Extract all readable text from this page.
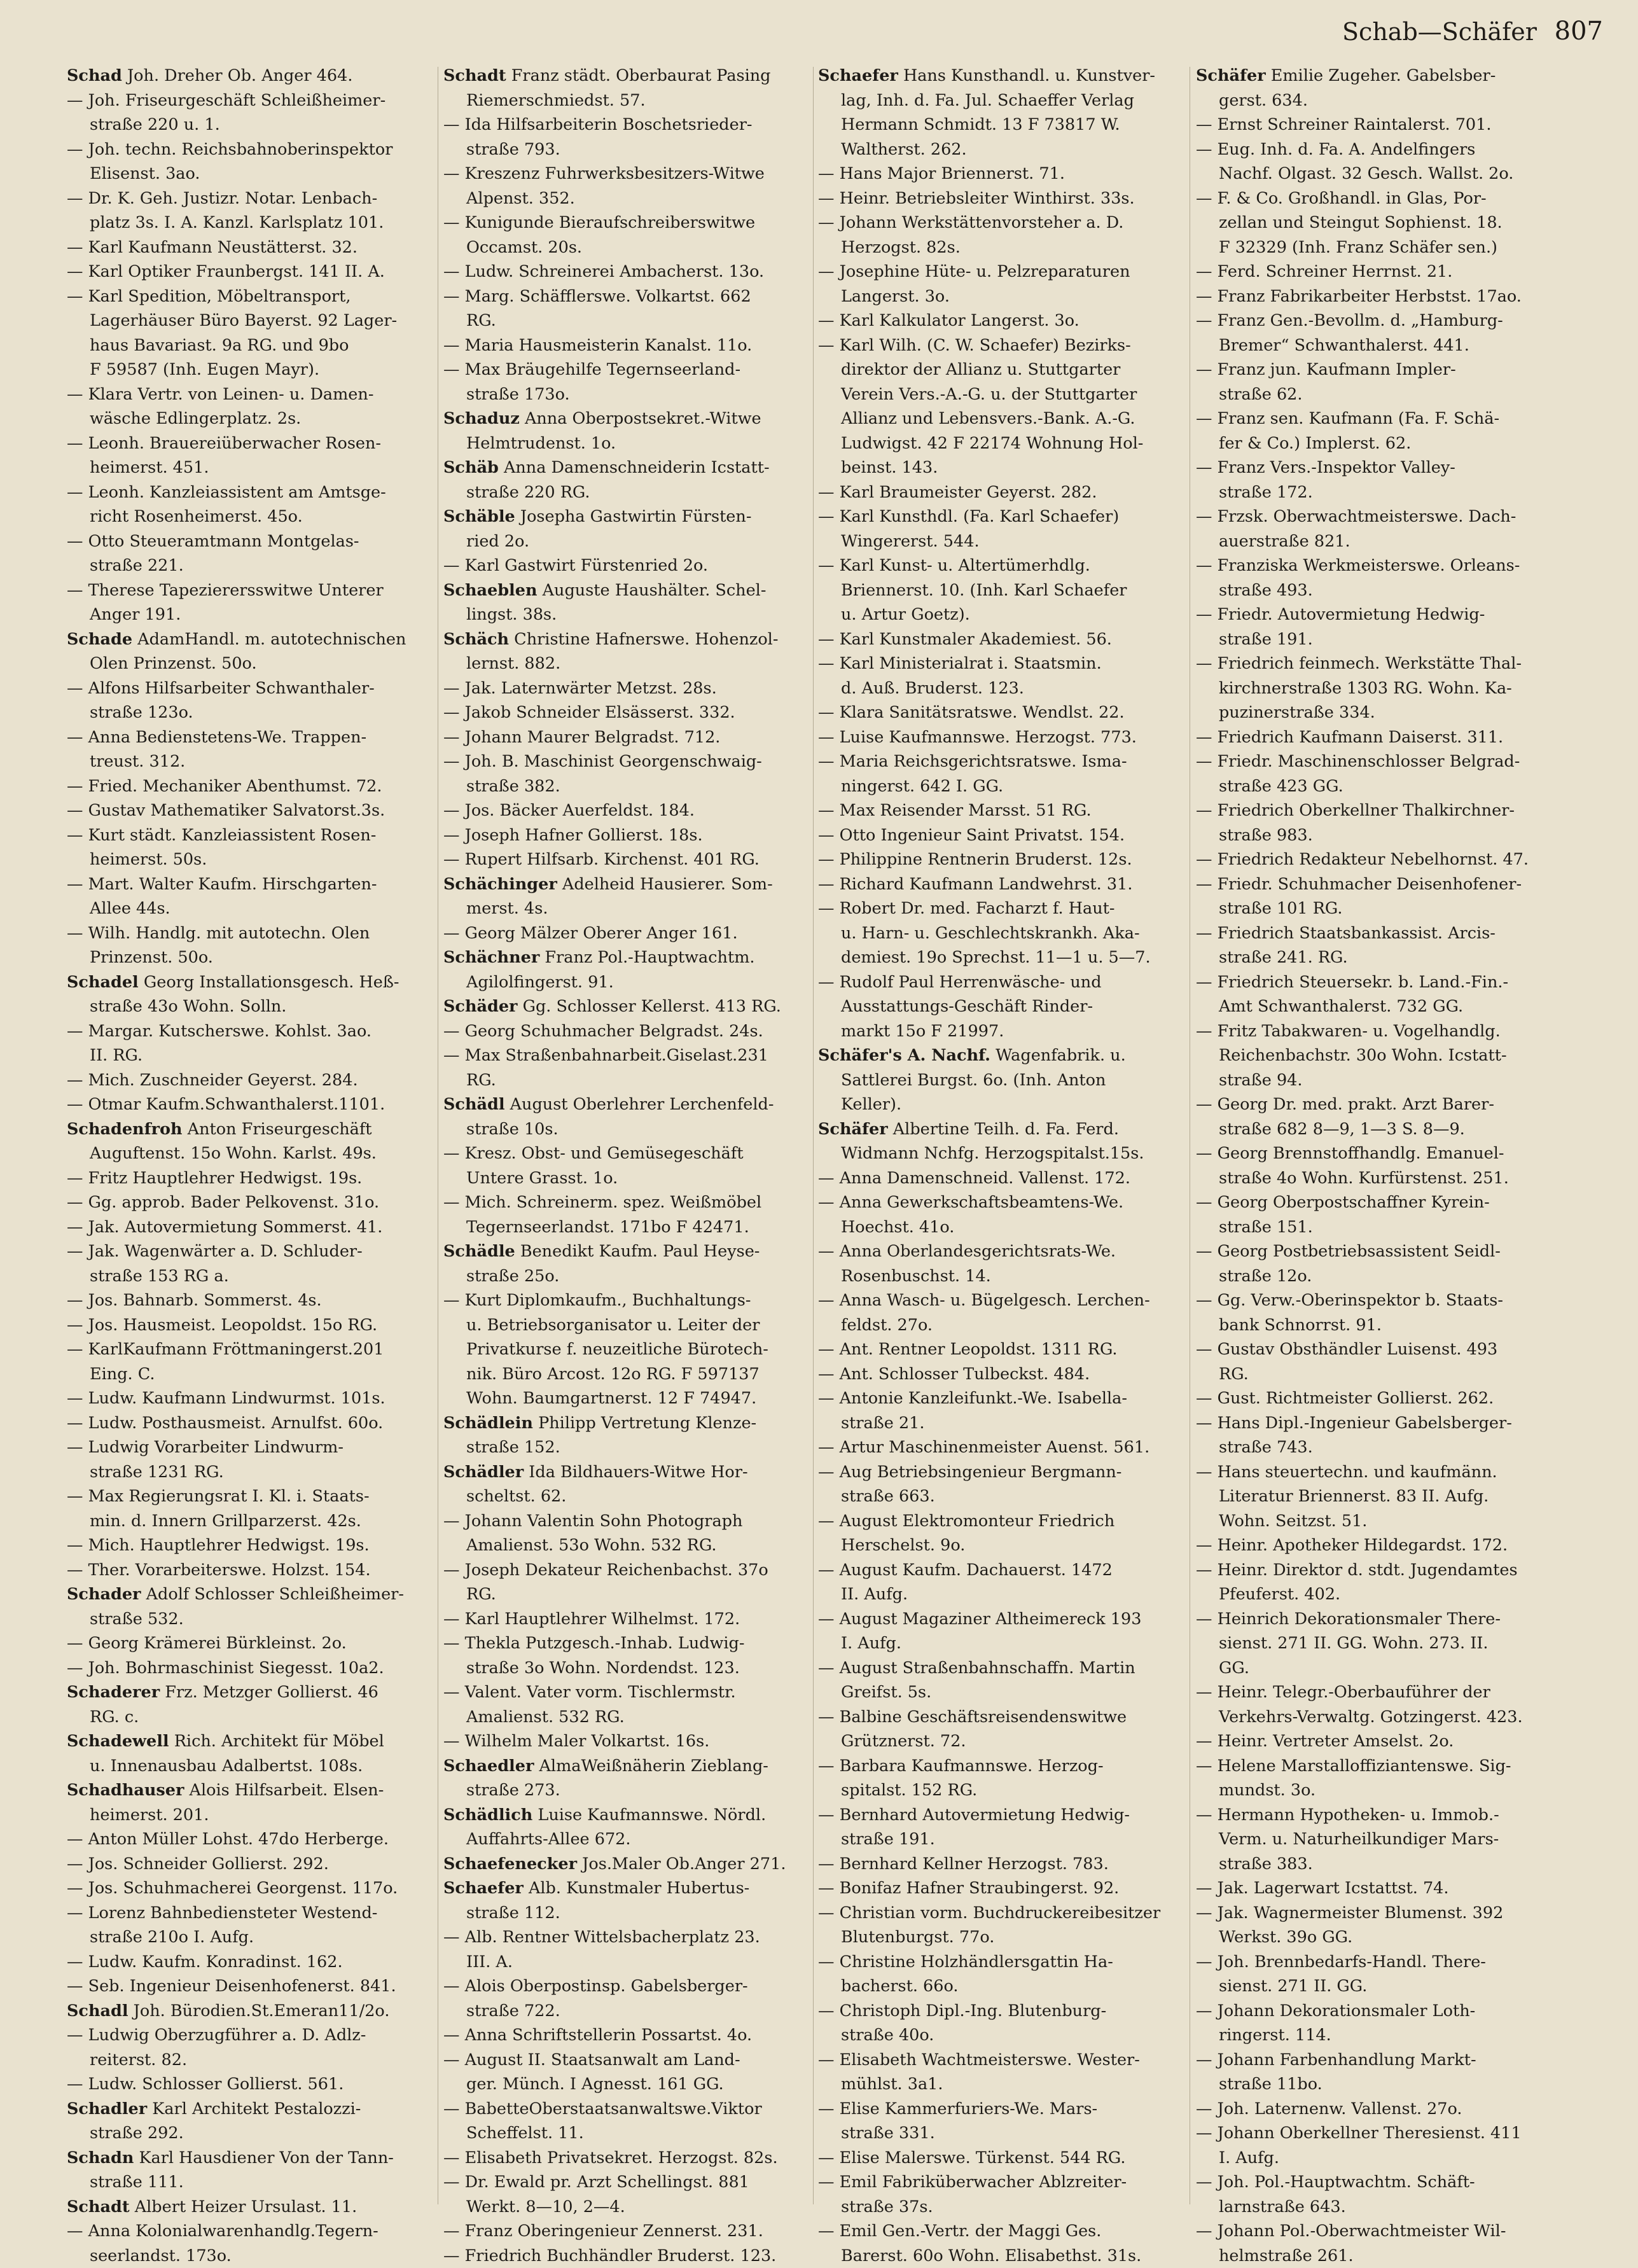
Schab—Schäfer 807
Schad Joh. Dreher Ob. Anger 464.
— Joh. Friseurgeschäft Schleißheimer-
straße 220 u. 1.
— Joh. techn. Reichsbahnoberinspektor
Elisenst. 3ao.
— Dr. K. Geh. Justizr. Notar. Lenbach-
platz 3s. I. A. Kanzl. Karlsplatz 101.
— Karl Kaufmann Neustätterst. 32.
— Karl Optiker Fraunbergst. 141 II. A.
— Karl Spedition, Möbeltransport,
Lagerhäuser Büro Bayerst. 92 Lager-
haus Bavariast. 9a RG. und 9bo
F 59587 (Inh. Eugen Mayr).
— Klara Vertr. von Leinen- u. Damen-
wäsche Edlingerplatz. 2s.
— Leonh. Brauereiüberwacher Rosen-
heimerst. 451.
— Leonh. Kanzleiassistent am Amtsge-
richt Rosenheimerst. 45o.
— Otto Steueramtmann Montgelas-
straße 221.
— Therese Tapezierersswitwe Unterer
Anger 191.
Schade AdamHandl. m. autotechnischen
Olen Prinzenst. 50o.
— Alfons Hilfsarbeiter Schwanthaler-
straße 123o.
— Anna Bedienstetens-We. Trappen-
treust. 312.
— Fried. Mechaniker Abenthumst. 72.
— Gustav Mathematiker Salvatorst.3s.
— Kurt städt. Kanzleiassistent Rosen-
heimerst. 50s.
— Mart. Walter Kaufm. Hirschgarten-
Allee 44s.
— Wilh. Handlg. mit autotechn. Olen
Prinzenst. 50o.
Schadel Georg Installationsgesch. Heß-
straße 43o Wohn. Solln.
— Margar. Kutscherswe. Kohlst. 3ao.
II. RG.
— Mich. Zuschneider Geyerst. 284.
— Otmar Kaufm.Schwanthalerst.1101.
Schadenfroh Anton Friseurgeschäft
Auguftenst. 15o Wohn. Karlst. 49s.
— Fritz Hauptlehrer Hedwigst. 19s.
— Gg. approb. Bader Pelkovenst. 31o.
— Jak. Autovermietung Sommerst. 41.
— Jak. Wagenwärter a. D. Schluder-
straße 153 RG a.
— Jos. Bahnarb. Sommerst. 4s.
— Jos. Hausmeist. Leopoldst. 15o RG.
— KarlKaufmann Fröttmaningerst.201
Eing. C.
— Ludw. Kaufmann Lindwurmst. 101s.
— Ludw. Posthausmeist. Arnulfst. 60o.
— Ludwig Vorarbeiter Lindwurm-
straße 1231 RG.
— Max Regierungsrat I. Kl. i. Staats-
min. d. Innern Grillparzerst. 42s.
— Mich. Hauptlehrer Hedwigst. 19s.
— Ther. Vorarbeiterswe. Holzst. 154.
Schader Adolf Schlosser Schleißheimer-
straße 532.
— Georg Krämerei Bürkleinst. 2o.
— Joh. Bohrmaschinist Siegesst. 10a2.
Schaderer Frz. Metzger Gollierst. 46
RG. c.
Schadewell Rich. Architekt für Möbel
u. Innenausbau Adalbertst. 108s.
Schadhauser Alois Hilfsarbeit. Elsen-
heimerst. 201.
— Anton Müller Lohst. 47do Herberge.
— Jos. Schneider Gollierst. 292.
— Jos. Schuhmacherei Georgenst. 117o.
— Lorenz Bahnbediensteter Westend-
straße 210o I. Aufg.
— Ludw. Kaufm. Konradinst. 162.
— Seb. Ingenieur Deisenhofenerst. 841.
Schadl Joh. Bürodien.St.Emeran11/2o.
— Ludwig Oberzugführer a. D. Adlz-
reiterst. 82.
— Ludw. Schlosser Gollierst. 561.
Schadler Karl Architekt Pestalozzi-
straße 292.
Schadn Karl Hausdiener Von der Tann-
straße 111.
Schadt Albert Heizer Ursulast. 11.
— Anna Kolonialwarenhandlg.Tegern-
seerlandst. 173o.
Schadt Franz städt. Oberbaurat Pasing
Riemerschmiedst. 57.
— Ida Hilfsarbeiterin Boschetsrieder-
straße 793.
— Kreszenz Fuhrwerksbesitzers-Witwe
Alpenst. 352.
— Kunigunde Bieraufschreiberswitwe
Occamst. 20s.
— Ludw. Schreinerei Ambacherst. 13o.
— Marg. Schäfflerswe. Volkartst. 662
RG.
— Maria Hausmeisterin Kanalst. 11o.
— Max Bräugehilfe Tegernseerland-
straße 173o.
Schaduz Anna Oberpostsekret.-Witwe
Helmtrudenst. 1o.
Schäb Anna Damenschneiderin Icstatt-
straße 220 RG.
Schäble Josepha Gastwirtin Fürsten-
ried 2o.
— Karl Gastwirt Fürstenried 2o.
Schaeblen Auguste Haushälter. Schel-
lingst. 38s.
Schäch Christine Hafnerswe. Hohenzol-
lernst. 882.
— Jak. Laternwärter Metzst. 28s.
— Jakob Schneider Elsässerst. 332.
— Johann Maurer Belgradst. 712.
— Joh. B. Maschinist Georgenschwaig-
straße 382.
— Jos. Bäcker Auerfeldst. 184.
— Joseph Hafner Gollierst. 18s.
— Rupert Hilfsarb. Kirchenst. 401 RG.
Schächinger Adelheid Hausierer. Som-
merst. 4s.
— Georg Mälzer Oberer Anger 161.
Schächner Franz Pol.-Hauptwachtm.
Agilolfingerst. 91.
Schäder Gg. Schlosser Kellerst. 413 RG.
— Georg Schuhmacher Belgradst. 24s.
— Max Straßenbahnarbeit.Giselast.231
RG.
Schädl August Oberlehrer Lerchenfeld-
straße 10s.
— Kresz. Obst- und Gemüsegeschäft
Untere Grasst. 1o.
— Mich. Schreinerm. spez. Weißmöbel
Tegernseerlandst. 171bo F 42471.
Schädle Benedikt Kaufm. Paul Heyse-
straße 25o.
— Kurt Diplomkaufm., Buchhaltungs-
u. Betriebsorganisator u. Leiter der
Privatkurse f. neuzeitliche Bürotech-
nik. Büro Arcost. 12o RG. F 597137
Wohn. Baumgartnerst. 12 F 74947.
Schädlein Philipp Vertretung Klenze-
straße 152.
Schädler Ida Bildhauers-Witwe Hor-
scheltst. 62.
— Johann Valentin Sohn Photograph
Amalienst. 53o Wohn. 532 RG.
— Joseph Dekateur Reichenbachst. 37o
RG.
— Karl Hauptlehrer Wilhelmst. 172.
— Thekla Putzgesch.-Inhab. Ludwig-
straße 3o Wohn. Nordendst. 123.
— Valent. Vater vorm. Tischlermstr.
Amalienst. 532 RG.
— Wilhelm Maler Volkartst. 16s.
Schaedler AlmaWeißnäherin Zieblang-
straße 273.
Schädlich Luise Kaufmannswe. Nördl.
Auffahrts-Allee 672.
Schaefenecker Jos.Maler Ob.Anger 271.
Schaefer Alb. Kunstmaler Hubertus-
straße 112.
— Alb. Rentner Wittelsbacherplatz 23.
III. A.
— Alois Oberpostinsp. Gabelsberger-
straße 722.
— Anna Schriftstellerin Possartst. 4o.
— August II. Staatsanwalt am Land-
ger. Münch. I Agnesst. 161 GG.
— BabetteOberstaatsanwaltswe.Viktor
Scheffelst. 11.
— Elisabeth Privatsekret. Herzogst. 82s.
— Dr. Ewald pr. Arzt Schellingst. 881
Werkt. 8—10, 2—4.
— Franz Oberingenieur Zennerst. 231.
— Friedrich Buchhändler Bruderst. 123.
Schaefer Hans Kunsthandl. u. Kunstver-
lag, Inh. d. Fa. Jul. Schaeffer Verlag
Hermann Schmidt. 13 F 73817 W.
Waltherst. 262.
— Hans Major Briennerst. 71.
— Heinr. Betriebsleiter Winthirst. 33s.
— Johann Werkstättenvorsteher a. D.
Herzogst. 82s.
— Josephine Hüte- u. Pelzreparaturen
Langerst. 3o.
— Karl Kalkulator Langerst. 3o.
— Karl Wilh. (C. W. Schaefer) Bezirks-
direktor der Allianz u. Stuttgarter
Verein Vers.-A.-G. u. der Stuttgarter
Allianz und Lebensvers.-Bank. A.-G.
Ludwigst. 42 F 22174 Wohnung Hol-
beinst. 143.
— Karl Braumeister Geyerst. 282.
— Karl Kunsthdl. (Fa. Karl Schaefer)
Wingererst. 544.
— Karl Kunst- u. Altertümerhdlg.
Briennerst. 10. (Inh. Karl Schaefer
u. Artur Goetz).
— Karl Kunstmaler Akademiest. 56.
— Karl Ministerialrat i. Staatsmin.
d. Auß. Bruderst. 123.
— Klara Sanitätsratswe. Wendlst. 22.
— Luise Kaufmannswe. Herzogst. 773.
— Maria Reichsgerichtsratswe. Isma-
ningerst. 642 I. GG.
— Max Reisender Marsst. 51 RG.
— Otto Ingenieur Saint Privatst. 154.
— Philippine Rentnerin Bruderst. 12s.
— Richard Kaufmann Landwehrst. 31.
— Robert Dr. med. Facharzt f. Haut-
u. Harn- u. Geschlechtskrankh. Aka-
demiest. 19o Sprechst. 11—1 u. 5—7.
— Rudolf Paul Herrenwäsche- und
Ausstattungs-Geschäft Rinder-
markt 15o F 21997.
Schäfer's A. Nachf. Wagenfabrik. u.
Sattlerei Burgst. 6o. (Inh. Anton
Keller).
Schäfer Albertine Teilh. d. Fa. Ferd.
Widmann Nchfg. Herzogspitalst.15s.
— Anna Damenschneid. Vallenst. 172.
— Anna Gewerkschaftsbeamtens-We.
Hoechst. 41o.
— Anna Oberlandesgerichtsrats-We.
Rosenbuschst. 14.
— Anna Wasch- u. Bügelgesch. Lerchen-
feldst. 27o.
— Ant. Rentner Leopoldst. 1311 RG.
— Ant. Schlosser Tulbeckst. 484.
— Antonie Kanzleifunkt.-We. Isabella-
straße 21.
— Artur Maschinenmeister Auenst. 561.
— Aug Betriebsingenieur Bergmann-
straße 663.
— August Elektromonteur Friedrich
Herschelst. 9o.
— August Kaufm. Dachauerst. 1472
II. Aufg.
— August Magaziner Altheimereck 193
I. Aufg.
— August Straßenbahnschaffn. Martin
Greifst. 5s.
— Balbine Geschäftsreisendenswitwe
Grütznerst. 72.
— Barbara Kaufmannswe. Herzog-
spitalst. 152 RG.
— Bernhard Autovermietung Hedwig-
straße 191.
— Bernhard Kellner Herzogst. 783.
— Bonifaz Hafner Straubingerst. 92.
— Christian vorm. Buchdruckereibesitzer
Blutenburgst. 77o.
— Christine Holzhändlersgattin Ha-
bacherst. 66o.
— Christoph Dipl.-Ing. Blutenburg-
straße 40o.
— Elisabeth Wachtmeisterswe. Wester-
mühlst. 3a1.
— Elise Kammerfuriers-We. Mars-
straße 331.
— Elise Malerswe. Türkenst. 544 RG.
— Emil Fabriküberwacher Ablzreiter-
straße 37s.
— Emil Gen.-Vertr. der Maggi Ges.
Barerst. 60o Wohn. Elisabethst. 31s.
Schäfer Emilie Zugeher. Gabelsber-
gerst. 634.
— Ernst Schreiner Raintalerst. 701.
— Eug. Inh. d. Fa. A. Andelfingers
Nachf. Olgast. 32 Gesch. Wallst. 2o.
— F. & Co. Großhandl. in Glas, Por-
zellan und Steingut Sophienst. 18.
F 32329 (Inh. Franz Schäfer sen.)
— Ferd. Schreiner Herrnst. 21.
— Franz Fabrikarbeiter Herbstst. 17ao.
— Franz Gen.-Bevollm. d. „Hamburg-
Bremer“ Schwanthalerst. 441.
— Franz jun. Kaufmann Impler-
straße 62.
— Franz sen. Kaufmann (Fa. F. Schä-
fer & Co.) Implerst. 62.
— Franz Vers.-Inspektor Valley-
straße 172.
— Frzsk. Oberwachtmeisterswe. Dach-
auerstraße 821.
— Franziska Werkmeisterswe. Orleans-
straße 493.
— Friedr. Autovermietung Hedwig-
straße 191.
— Friedrich feinmech. Werkstätte Thal-
kirchnerstraße 1303 RG. Wohn. Ka-
puzinerstraße 334.
— Friedrich Kaufmann Daiserst. 311.
— Friedr. Maschinenschlosser Belgrad-
straße 423 GG.
— Friedrich Oberkellner Thalkirchner-
straße 983.
— Friedrich Redakteur Nebelhornst. 47.
— Friedr. Schuhmacher Deisenhofener-
straße 101 RG.
— Friedrich Staatsbankassist. Arcis-
straße 241. RG.
— Friedrich Steuersekr. b. Land.-Fin.-
Amt Schwanthalerst. 732 GG.
— Fritz Tabakwaren- u. Vogelhandlg.
Reichenbachstr. 30o Wohn. Icstatt-
straße 94.
— Georg Dr. med. prakt. Arzt Barer-
straße 682 8—9, 1—3 S. 8—9.
— Georg Brennstoffhandlg. Emanuel-
straße 4o Wohn. Kurfürstenst. 251.
— Georg Oberpostschaffner Kyrein-
straße 151.
— Georg Postbetriebsassistent Seidl-
straße 12o.
— Gg. Verw.-Oberinspektor b. Staats-
bank Schnorrst. 91.
— Gustav Obsthändler Luisenst. 493
RG.
— Gust. Richtmeister Gollierst. 262.
— Hans Dipl.-Ingenieur Gabelsberger-
straße 743.
— Hans steuertechn. und kaufmänn.
Literatur Briennerst. 83 II. Aufg.
Wohn. Seitzst. 51.
— Heinr. Apotheker Hildegardst. 172.
— Heinr. Direktor d. stdt. Jugendamtes
Pfeuferst. 402.
— Heinrich Dekorationsmaler There-
sienst. 271 II. GG. Wohn. 273. II.
GG.
— Heinr. Telegr.-Oberbauführer der
Verkehrs-Verwaltg. Gotzingerst. 423.
— Heinr. Vertreter Amselst. 2o.
— Helene Marstalloffiziantenswe. Sig-
mundst. 3o.
— Hermann Hypotheken- u. Immob.-
Verm. u. Naturheilkundiger Mars-
straße 383.
— Jak. Lagerwart Icstattst. 74.
— Jak. Wagnermeister Blumenst. 392
Werkst. 39o GG.
— Joh. Brennbedarfs-Handl. There-
sienst. 271 II. GG.
— Johann Dekorationsmaler Loth-
ringerst. 114.
— Johann Farbenhandlung Markt-
straße 11bo.
— Joh. Laternenw. Vallenst. 27o.
— Johann Oberkellner Theresienst. 411
I. Aufg.
— Joh. Pol.-Hauptwachtm. Schäft-
larnstraße 643.
— Johann Pol.-Oberwachtmeister Wil-
helmstraße 261.
